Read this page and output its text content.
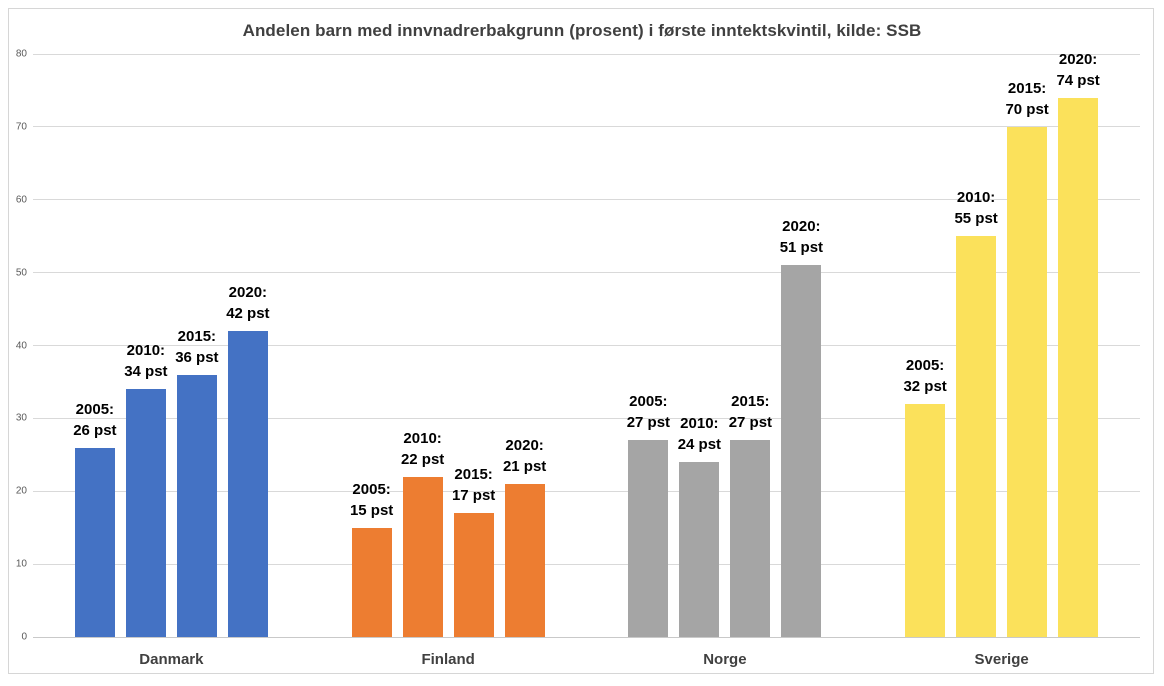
Andelen barn med innvnadrerbakgrunn (prosent) i første inntektskvintil, kilde: SSB
0
10
20
30
40
50
60
70
80
2005:
26 pst
2010:
34 pst
2015:
36 pst
2020:
42 pst
Danmark
2005:
15 pst
2010:
22 pst
2015:
17 pst
2020:
21 pst
Finland
2005:
27 pst 2010:
24 pst
2015:
27 pst
2020:
51 pst
Norge
2005:
32 pst
2010:
55 pst
2015:
70 pst
2020:
74 pst
Sverige
